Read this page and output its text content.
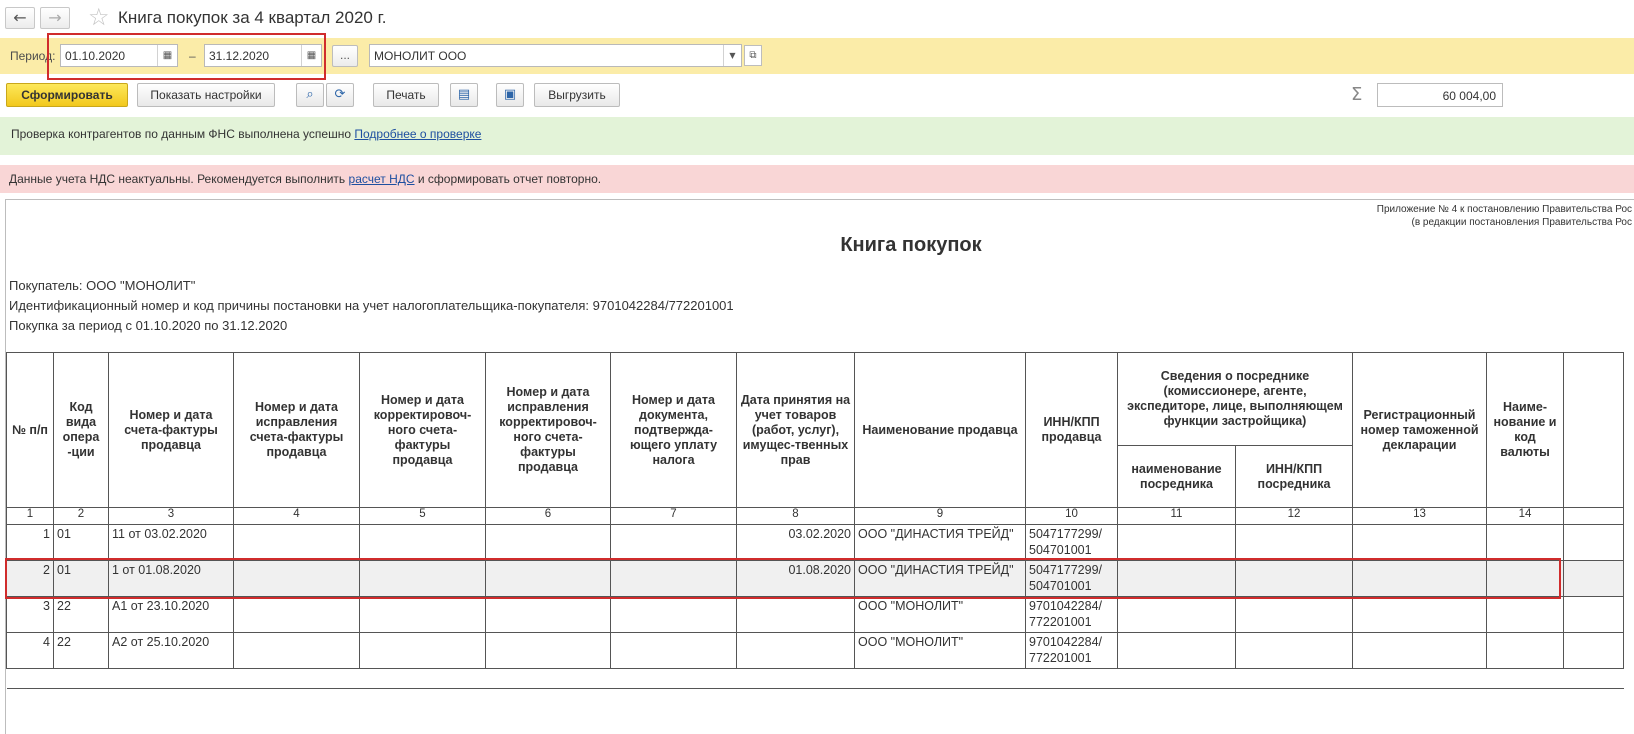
←	→	☆ Книга покупок за 4 квартал 2020 г.
Период: 01.10.2020	▦	–	31.12.2020	▦	...	МОНОЛИТ ООО	▼	⧉
Сформировать	Показать настройки	⌕	⟳	Печать	▤	▣	Выгрузить	Σ	60 004,00
Проверка контрагентов по данным ФНС выполнена успешно Подробнее о проверке
Данные учета НДС неактуальны. Рекомендуется выполнить расчет НДС и сформировать отчет повторно.
Приложение № 4 к постановлению Правительства Рос
(в редакции постановления Правительства Рос
Книга покупок
Покупатель: ООО "МОНОЛИТ"
Идентификационный номер и код причины постановки на учет налогоплательщика-покупателя: 9701042284/772201001
Покупка за период с 01.10.2020 по 31.12.2020
№ п/п	Код вида опера -ции	Номер и дата счета-фактуры продавца	Номер и дата исправления счета-фактуры продавца	Номер и дата корректировоч-ного счета-фактуры продавца	Номер и дата исправления корректировоч-ного счета-фактуры продавца	Номер и дата документа, подтвержда-ющего уплату налога	Дата принятия на учет товаров (работ, услуг), имущес-твенных прав	Наименование продавца	ИНН/КПП продавца	Сведения о посреднике (комиссионере, агенте, экспедиторе, лице, выполняющем функции застройщика)		Регистрационный номер таможенной декларации	Наиме-нование и код валюты	
										наименование посредника	ИНН/КПП посредника			
1	2	3	4	5	6	7	8	9	10	11	12	13	14	
1	01	11 от 03.02.2020					03.02.2020	ООО "ДИНАСТИЯ ТРЕЙД"	5047177299/ 504701001					
2	01	1 от 01.08.2020					01.08.2020	ООО "ДИНАСТИЯ ТРЕЙД"	5047177299/ 504701001					
3	22	А1 от 23.10.2020						ООО "МОНОЛИТ"	9701042284/ 772201001					
4	22	А2 от 25.10.2020						ООО "МОНОЛИТ"	9701042284/ 772201001					
